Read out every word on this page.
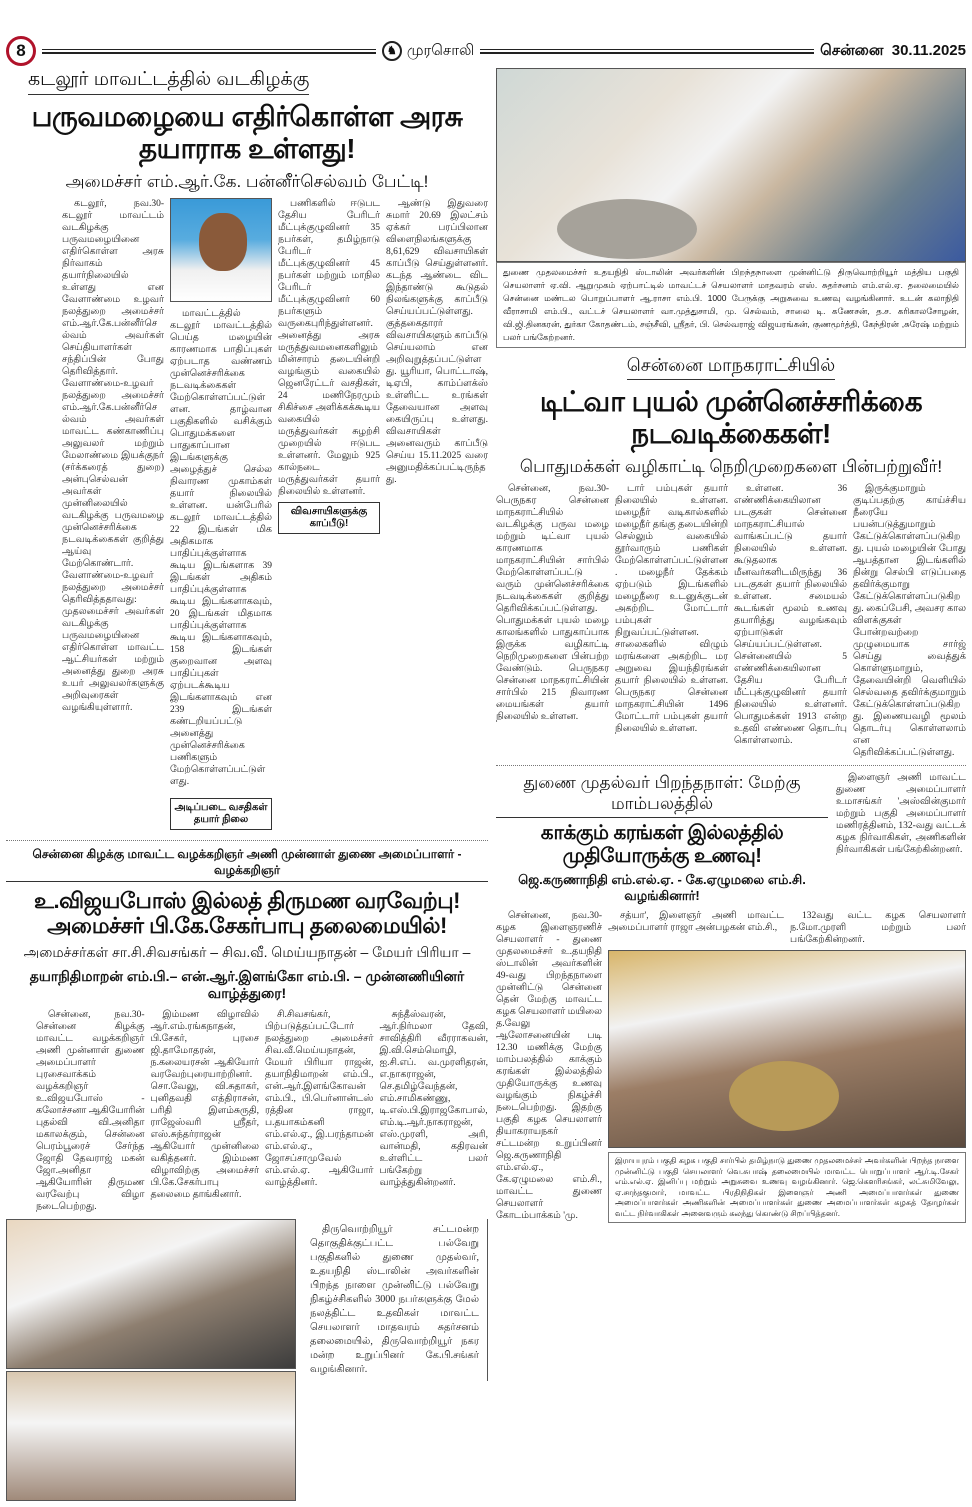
8	♞ முரசொலி	சென்னை 30.11.2025
கடலூர் மாவட்டத்தில் வடகிழக்கு
பருவமழையை எதிர்கொள்ள அரசு தயாராக உள்ளது!
அமைச்சர் எம்.ஆர்.கே. பன்னீர்செல்வம் பேட்டி!

கடலூர், நவ.30- கடலூர் மாவட்டம் வடகிழக்கு பருவமழையினை எதிர்கொள்ள அரசு நிர்வாகம் தயார்நிலையில் உள்ளது என வேளாண்மை உழவர் நலத்துறை அமைச்சர் எம்.ஆர்.கே.பன்னீர்செல்வம் அவர்கள் செய்தியாளர்கள் சந்திப்பின் போது தெரிவித்தார். வேளாண்மை-உழவர் நலத்துறை அமைச்சர் எம்.ஆர்.கே.பன்னீர்செல்வம் அவர்கள் மாவட்ட கண்காணிப்பு அலுவலர் மற்றும் மேலாண்மை இயக்குநர் (சர்க்கரைத் துறை) அன்புசெல்வன் அவர்கள் முன்னிலையில் வடகிழக்கு பருவமழை முன்னெச்சரிக்கை நடவடிக்கைகள் குறித்து ஆய்வு மேற்கொண்டார். வேளாண்மை-உழவர் நலத்துறை அமைச்சர் தெரிவித்ததாவது: முதலமைச்சர் அவர்கள் வடகிழக்கு பருவமழையினை எதிர்கொள்ள மாவட்ட ஆட்சியர்கள் மற்றும் அனைத்து துறை அரசு உயர் அலுவலர்களுக்கு அறிவுரைகள் வழங்கியுள்ளார்.

மாவட்டத்தில் கடலூர் மாவட்டத்தில் பெய்த மழையின் காரணமாக பாதிப்புகள் ஏற்படாத வண்ணம் முன்னெச்சரிக்கை நடவடிக்கைகள் மேற்கொள்ளப்பட்டுள்ளன. தாழ்வான பகுதிகளில் வசிக்கும் பொதுமக்களை பாதுகாப்பான இடங்களுக்கு அழைத்துச் செல்ல நிவாரண முகாம்கள் தயார் நிலையில் உள்ளன. யன்பேரில் கடலூர் மாவட்டத்தில் 22 இடங்கள் மிக அதிகமாக பாதிப்புக்குள்ளாக கூடிய இடங்களாக 39 இடங்கள் அதிகம் பாதிப்புக்குள்ளாக கூடிய இடங்களாகவும், 20 இடங்கள் மிதமாக பாதிப்புக்குள்ளாக கூடிய இடங்களாகவும், 158 இடங்கள் குறைவான அளவு பாதிப்புகள் ஏற்படக்கூடிய இடங்களாகவும் என 239 இடங்கள் கண்டறியப்பட்டு அனைத்து முன்னெச்சரிக்கை பணிகளும் மேற்கொள்ளப்பட்டுள்ளது.

அடிப்படை வசதிகள் தயார் நிலை

பணிகளில் ஈடுபட தேசிய பேரிடர் மீட்புக்குழுவினர் 35 நபர்கள், தமிழ்நாடு பேரிடர் மீட்புக்குழுவினர் 45 நபர்கள் மற்றும் மாநில பேரிடர் மீட்புக்குழுவினர் 60 நபர்களும் வருகைபுரிந்துள்ளனர். அனைத்து அரசு மருத்துவமனைகளிலும் மின்சாரம் தடையின்றி வழங்கும் வகையில் ஜெனரேட்டர் வசதிகள், 24 மணிநேரமும் சிகிச்சை அளிக்கக்கூடிய வகையில் மருத்துவர்கள் சுழற்சி முறையில் ஈடுபட உள்ளனர். மேலும் 925 கால்நடை மருத்துவர்கள் தயார் நிலையில் உள்ளனர்.

விவசாயிகளுக்கு காப்பீடு!

ஆண்டு இதுவரை சுமார் 20.69 இலட்சம் ஏக்கர் பரப்பிலான விளைநிலங்களுக்கு 8,61,629 விவசாயிகள் காப்பீடு செய்துள்ளனர். கடந்த ஆண்டை விட இந்தாண்டு கூடுதல் நிலங்களுக்கு காப்பீடு செய்யப்பட்டுள்ளது. குத்தகைதாரர் விவசாயிகளும் காப்பீடு செய்யலாம் என அறிவுறுத்தப்பட்டுள்ளது. யூரியா, பொட்டாஷ், டிஏபி, காம்ப்ளக்ஸ் உள்ளிட்ட உரங்கள் தேவையான அளவு கையிருப்பு உள்ளது. விவசாயிகள் அனைவரும் காப்பீடு செய்ய 15.11.2025 வரை அனுமதிக்கப்பட்டிருந்தது.

சென்னை கிழக்கு மாவட்ட வழக்கறிஞர் அணி முன்னாள் துணை அமைப்பாளர் - வழக்கறிஞர்
உ.விஜயபோஸ் இல்லத் திருமண வரவேற்பு! அமைச்சர் பி.கே.சேகர்பாபு தலைமையில்!
அமைச்சர்கள் சா.சி.சிவசங்கர் – சிவ.வீ. மெய்யநாதன் – மேயர் பிரியா –
தயாநிதிமாறன் எம்.பி.– என்.ஆர்.இளங்கோ எம்.பி. – முன்னணியினர் வாழ்த்துரை!

சென்னை, நவ.30- சென்னை கிழக்கு மாவட்ட வழக்கறிஞர் அணி முன்னாள் துணை அமைப்பாளர் புரசைவாக்கம் வழக்கறிஞர் உ.விஜயபோஸ் - கலோச்சனா ஆகியோரின் புதல்வி வி.அனிதா மகாலக்கும், சென்னை பெரம்பூரைச் சேர்ந்த ஜோதி தேவராஜ் மகன் ஜோ.அனிதா ஆகியோரின் திருமண வரவேற்பு விழா நடைபெற்றது.

இம்மண விழாவில் ஆர்.எம்.ரங்கநாதன், பி.சேகர், புரசை ஜி.தாமோதரன், ந.கலையரசன் ஆகியோர் வரவேற்புரையாற்றினர். சொ.வேலு, வி.சுதாகர், புனிதவதி எத்திராசன், பரிதி இளம்சுருதி, ராஜேஸ்வரி ஸ்ரீதர், எஸ்.சுந்தர்ராஜன் ஆகியோர் முன்னிலை வகித்தனர். இம்மண விழாவிற்கு அமைச்சர் பி.கே.சேகர்பாபு தலைமை தாங்கினார்.

சி.சிவசங்கர், பிற்படுத்தப்பட்டோர் நலத்துறை அமைச்சர் சிவ.வீ.மெய்யநாதன், மேயர் பிரியா ராஜன், தயாநிதிமாறன் எம்.பி., என்.ஆர்.இளங்கோவன் எம்.பி., பி.பெர்னான்டஸ் ரத்தின ராஜா, ப.தயாகம்கனி எம்.எல்.ஏ., இ.பரந்தாமன் எம்.எல்.ஏ., ஜோசப்சாமுவேல் எம்.எல்.ஏ. ஆகியோர் வாழ்த்தினர்.

சுந்தீஸ்வரன், ஆர்.நிர்மலா தேவி, சாவித்திரி வீரராகவன், இ.வி.செம்மொழி, ஐ.சி.எப். வ.முரளிதரன், எ.நாகராஜன், செ.தமிழ்வேந்தன், எம்.சாமிகண்ணு, டி.எஸ்.பி.இராஜகோபால், எம்.டி.ஆர்.நாகராஜன், எஸ்.முரளி, அரி, வான்மதி, கதிரவன் உள்ளிட்ட பலர் பங்கேற்று வாழ்த்துகின்றனர்.

திருவொற்றியூர் சட்டமன்ற தொகுதிக்குட்பட்ட பல்வேறு பகுதிகளில் துணை முதல்வர், உதயநிதி ஸ்டாலின் அவர்களின் பிறந்த நாளை முன்னிட்டு பல்வேறு நிகழ்ச்சிகளில் 3000 நபர்களுக்கு மேல் நலத்திட்ட உதவிகள் மாவட்ட செயலாளர் மாதவரம் சுதர்சனம் தலைமையில், திருவொற்றியூர் நகர மன்ற உறுப்பினர் கே.பி.சங்கர் வழங்கினார்.

துணை முதலமைச்சர் உதயநிதி ஸ்டாலின் அவர்களின் பிறந்தநாளை முன்னிட்டு திருவொற்றியூர் மத்திய பகுதி செயலாளர் ஏ.வி. ஆறுமுகம் ஏற்பாட்டில் மாவட்டச் செயலாளர் மாதவரம் எஸ். சுதர்சனம் எம்.எல்.ஏ. தலைமையில் சென்னை மண்டல பொறுப்பாளர் ஆ.ராசா எம்.பி. 1000 பேருக்கு அறுசுவை உணவு வழங்கினார். உடன் கலாநிதி வீராசாமி எம்.பி., வட்டச் செயலாளர் வா.முத்துசாமி, மு. செல்வம், சாலை டி. கணேசன், த.ச. கரிகாலசோழன், வி.ஜி.தினகரன், துர்கா கோதண்டம், சஞ்சீவி, ஸ்ரீதர், பி. செல்வராஜ் விஜயரங்கன், குணமூர்த்தி, கேந்திரன் ,சுரேஷ் மற்றும் பலர் பங்கேற்றனர்.
சென்னை மாநகராட்சியில்
டிட்வா புயல் முன்னெச்சரிக்கை நடவடிக்கைகள்!
பொதுமக்கள் வழிகாட்டி நெறிமுறைகளை பின்பற்றுவீர்!

சென்னை, நவ.30- பெருநகர சென்னை மாநகராட்சியில் வடகிழக்கு பருவ மழை மற்றும் டிட்வா புயல் காரணமாக மாநகராட்சியின் சார்பில் மேற்கொள்ளப்பட்டு வரும் முன்னெச்சரிக்கை நடவடிக்கைகள் குறித்து தெரிவிக்கப்பட்டுள்ளது. பொதுமக்கள் புயல் மழை காலங்களில் பாதுகாப்பாக இருக்க வழிகாட்டி நெறிமுறைகளை பின்பற்ற வேண்டும். பெருநகர சென்னை மாநகராட்சியின் சார்பில் 215 நிவாரண மையங்கள் தயார் நிலையில் உள்ளன.

டார் பம்புகள் தயார் நிலையில் உள்ளன. மழைநீர் வடிகால்களில் மழைநீர் தங்கு தடையின்றி செல்லும் வகையில் தூர்வாரும் பணிகள் மேற்கொள்ளப்பட்டுள்ளன. மழைநீர் தேக்கம் ஏற்படும் இடங்களில் மழைநீரை உடனுக்குடன் அகற்றிட மோட்டார் பம்புகள் நிறுவப்பட்டுள்ளன. சாலைகளில் விழும் மரங்களை அகற்றிட மர அறுவை இயந்திரங்கள் தயார் நிலையில் உள்ளன. பெருநகர சென்னை மாநகராட்சியின் 1496 மோட்டார் பம்புகள் தயார் நிலையில் உள்ளன.

உள்ளன. 36 எண்ணிக்கையிலான படகுகள் சென்னை மாநகராட்சியால் வாங்கப்பட்டு தயார் நிலையில் உள்ளன. கூடுதலாக மீனவர்களிடமிருந்து 36 படகுகள் தயார் நிலையில் உள்ளன. சமையல் கூடங்கள் மூலம் உணவு தயாரித்து வழங்கவும் ஏற்பாடுகள் செய்யப்பட்டுள்ளன. சென்னையில் 5 எண்ணிக்கையிலான தேசிய பேரிடர் மீட்புக்குழுவினர் தயார் நிலையில் உள்ளனர். பொதுமக்கள் 1913 என்ற உதவி எண்ணை தொடர்பு கொள்ளலாம்.

இருக்குமாறும் குடிப்பதற்கு காய்ச்சிய நீரையே பயன்படுத்துமாறும் கேட்டுக்கொள்ளப்படுகிறது. புயல் மழையின் போது ஆபத்தான இடங்களில் நின்று செல்பி எடுப்பதை தவிர்க்குமாறு கேட்டுக்கொள்ளப்படுகிறது. கைப்பேசி, அவசர கால விளக்குகள் போன்றவற்றை முழுமையாக சார்ஜ் செய்து வைத்துக் கொள்ளுமாறும், தேவையின்றி வெளியில் செல்வதை தவிர்க்குமாறும் கேட்டுக்கொள்ளப்படுகிறது. இணையவழி மூலம் தொடர்பு கொள்ளலாம் என தெரிவிக்கப்பட்டுள்ளது.

துணை முதல்வர் பிறந்தநாள்: மேற்கு மாம்பலத்தில்
காக்கும் கரங்கள் இல்லத்தில் முதியோருக்கு உணவு!
ஜெ.கருணாநிதி எம்.எல்.ஏ. - கே.ஏழுமலை எம்.சி. வழங்கினார்!

இளைஞர் அணி மாவட்ட துணை அமைப்பாளர் உமாசங்கர் 'அஸ்வின்குமார் மற்றும் பகுதி அமைப்பாளர் மணிரத்தினம், 132-வது வட்டக் கழக நிர்வாகிகள், அணிகளின் நிர்வாகிகள் பங்கேற்கின்றனர்.

சென்னை, நவ.30- கழக இளைஞரணிச் செயலாளர் - துணை முதலமைச்சர் உ.தயநிதி ஸ்டாலின் அவர்களின் 49-வது பிறந்தநாளை முன்னிட்டு சென்னை தென் மேற்கு மாவட்ட கழக செயலாளர் மயிலை த.வேலு ஆலோசனையின் படி 12.30 மணிக்கு மேற்கு மாம்பலத்தில் காக்கும் கரங்கள் இல்லத்தில் முதியோருக்கு உணவு வழங்கும் நிகழ்ச்சி நடைபெற்றது. இதற்கு பகுதி கழக செயலாளர் தியாகராயநகர் சட்டமன்ற உறுப்பினர் ஜெ.கருணாநிதி எம்.எல்.ஏ., கே.ஏழுமலை எம்.சி., மாவட்ட துணை செயலாளர் கோடம்பாக்கம் 'மு.

சத்யா', இளைஞர் அணி மாவட்ட அமைப்பாளர் ராஜா அன்பழகன் எம்.சி.,

132வது வட்ட கழக செயலாளர் ந.மோ.முரளி மற்றும் பலர் பங்கேற்கின்றனர்.

இராயபுரம் பகுதி கழக பகுதி சார்பில் தமிழ்நாடு துணை முதலமைச்சர் அவர்களின் பிறந்த நாளை முன்னிட்டு பகுதி செயலாளர் வெ.சுபாஷ் தலைமையில் மாவட்ட பொறுப்பாளர் ஆர்.டி.சேகர் எம்.எல்.ஏ. இனிப்பு மற்றும் அறுசுவை உணவு வழங்கினார். ஜெ.கௌரிசங்கர், லட்சுமிவேலு, ஏ.சாந்தகுமார், மாவட்ட பிரதிநிதிகள் இளைஞர் அணி அமைப்பாளர்கள் துணை அமைப்பாளர்கள் அணிகளின் அமைப்பாளர்கள் துணை அமைப்பாளர்கள் கழகத் தோழர்கள் வட்ட நிர்வாகிகள் அனைவரும் கலந்து கொண்டு சிறப்பித்தனர்.
